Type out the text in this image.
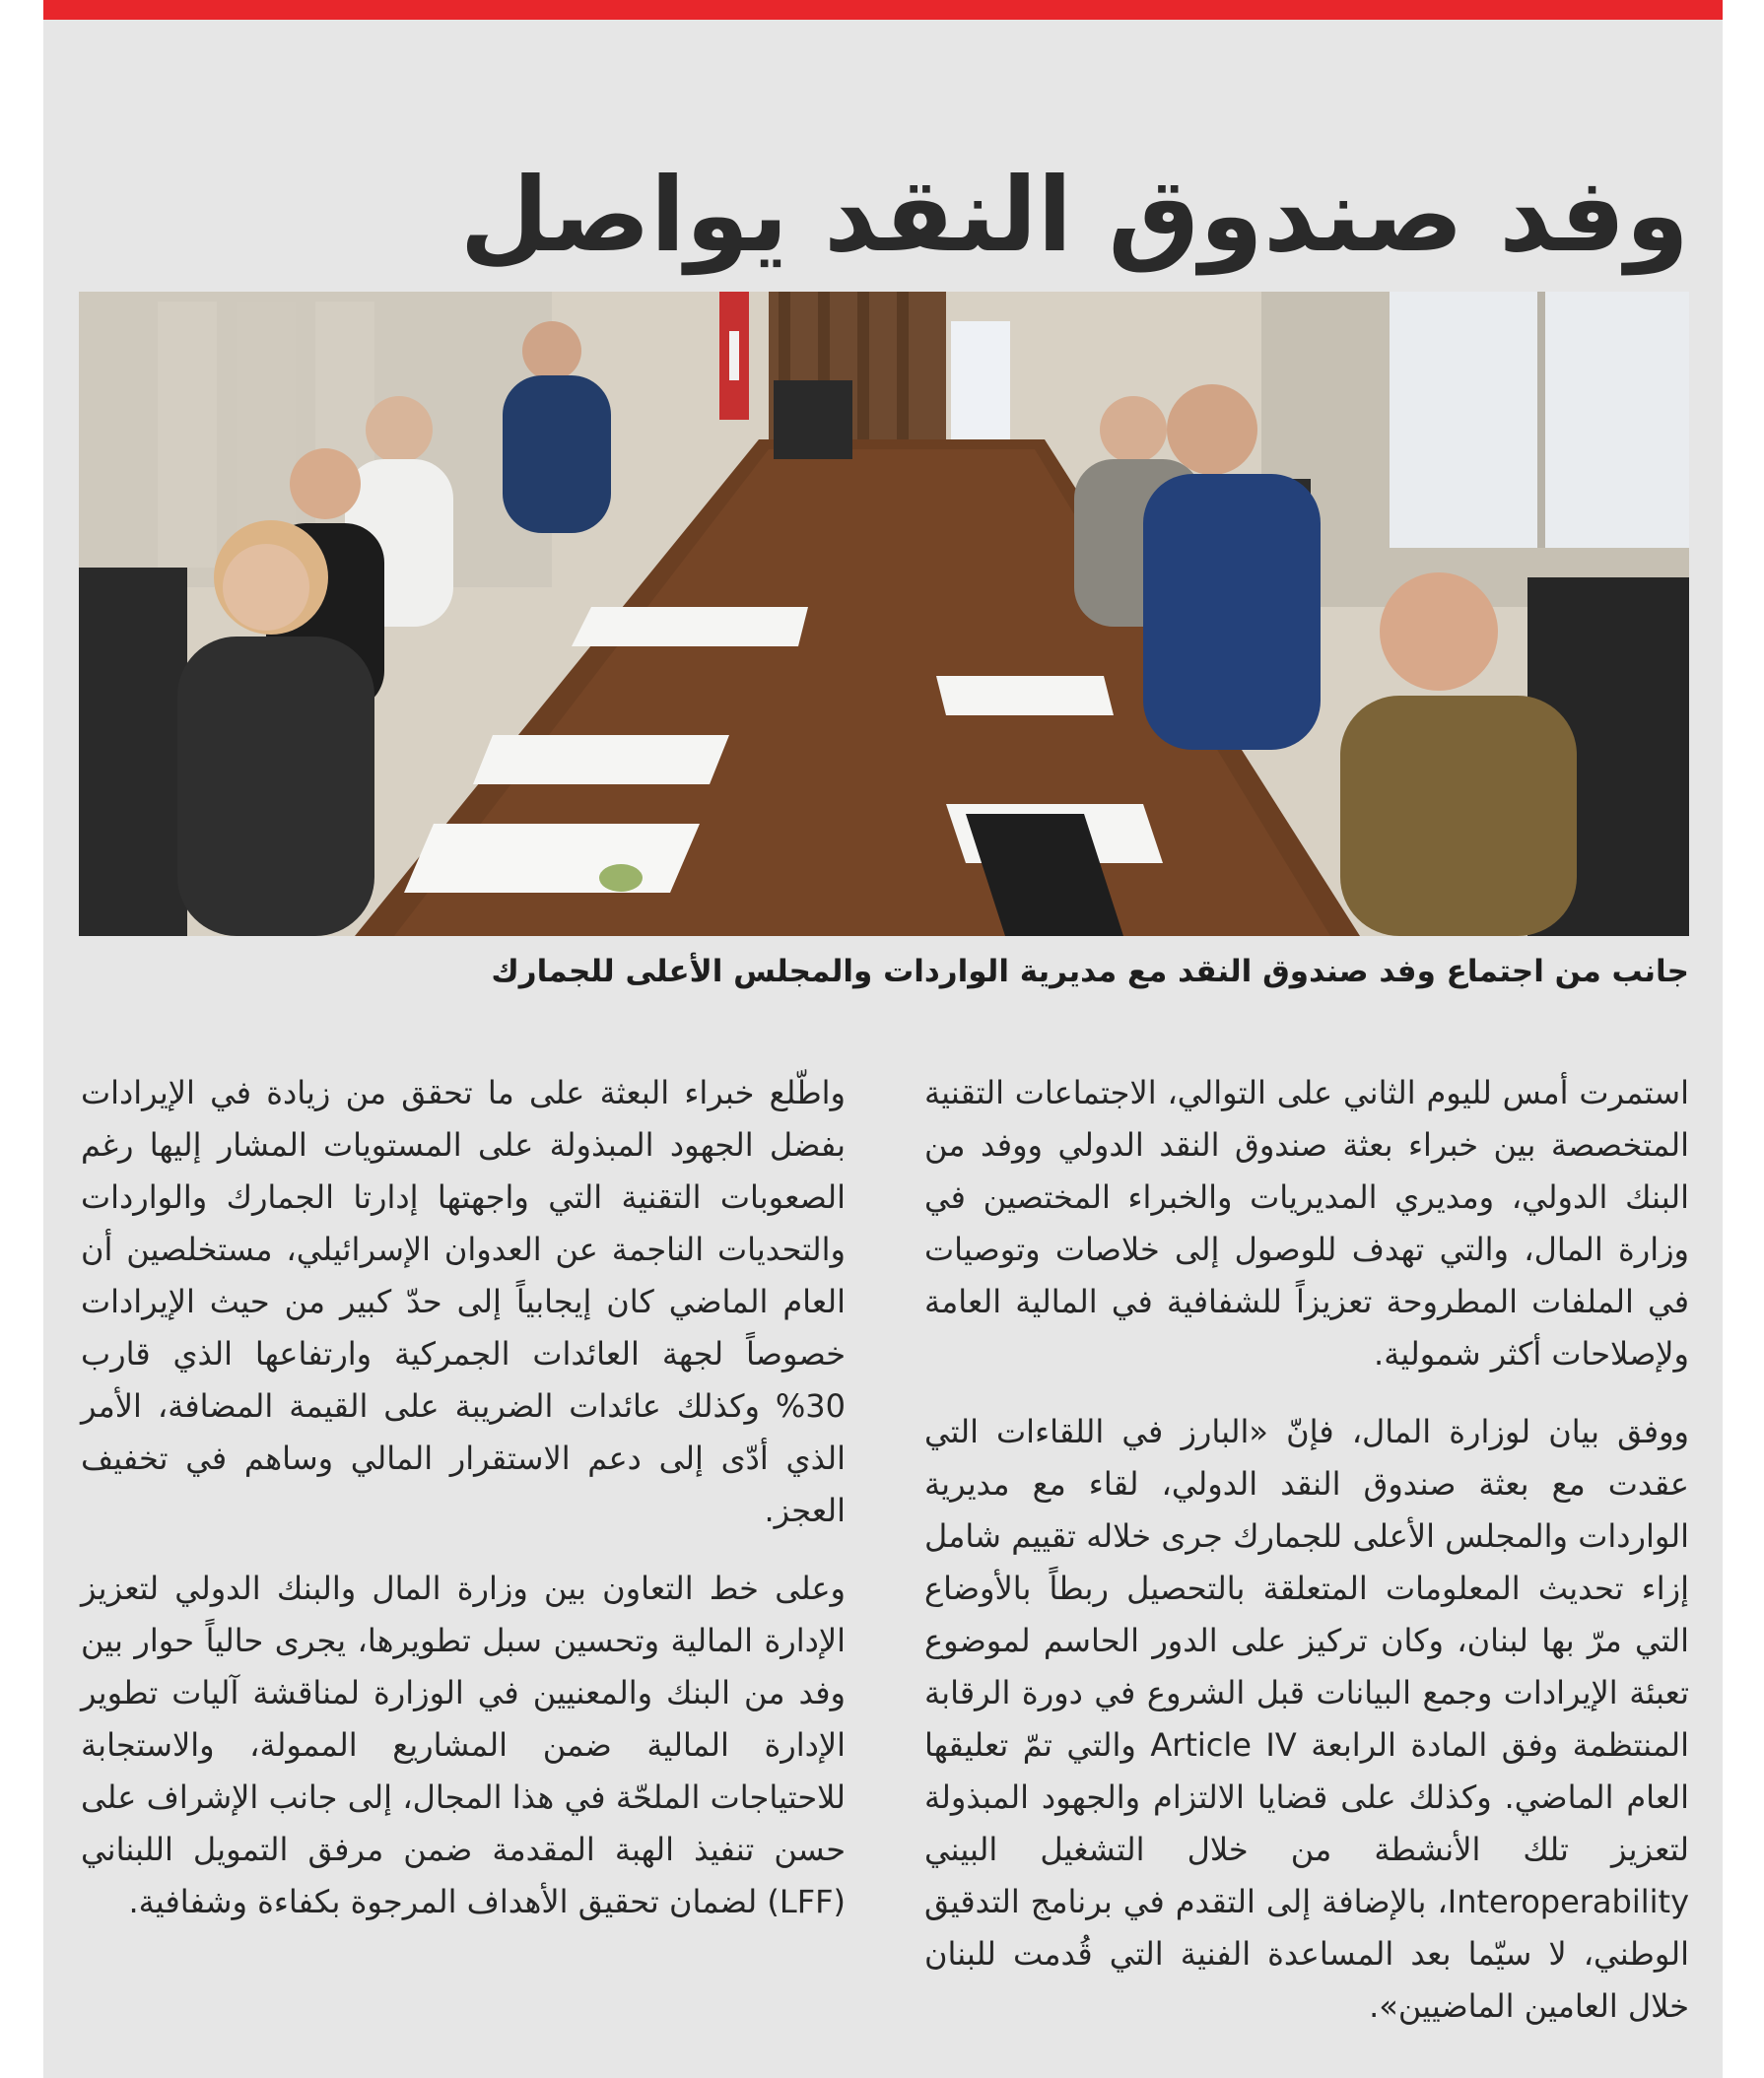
وفد صندوق النقد يواصل
جانب من اجتماع وفد صندوق النقد مع مديرية الواردات والمجلس الأعلى للجمارك

استمرت أمس لليوم الثاني على التوالي، الاجتماعات التقنية المتخصصة بين خبراء بعثة صندوق النقد الدولي ووفد من البنك الدولي، ومديري المديريات والخبراء المختصين في وزارة المال، والتي تهدف للوصول إلى خلاصات وتوصيات في الملفات المطروحة تعزيزاً للشفافية في المالية العامة ولإصلاحات أكثر شمولية.

ووفق بيان لوزارة المال، فإنّ «البارز في اللقاءات التي عقدت مع بعثة صندوق النقد الدولي، لقاء مع مديرية الواردات والمجلس الأعلى للجمارك جرى خلاله تقييم شامل إزاء تحديث المعلومات المتعلقة بالتحصيل ربطاً بالأوضاع التي مرّ بها لبنان، وكان تركيز على الدور الحاسم لموضوع تعبئة الإيرادات وجمع البيانات قبل الشروع في دورة الرقابة المنتظمة وفق المادة الرابعة Article IV والتي تمّ تعليقها العام الماضي. وكذلك على قضايا الالتزام والجهود المبذولة لتعزيز تلك الأنشطة من خلال التشغيل البيني Interoperability، بالإضافة إلى التقدم في برنامج التدقيق الوطني، لا سيّما بعد المساعدة الفنية التي قُدمت للبنان خلال العامين الماضيين».

واطّلع خبراء البعثة على ما تحقق من زيادة في الإيرادات بفضل الجهود المبذولة على المستويات المشار إليها رغم الصعوبات التقنية التي واجهتها إدارتا الجمارك والواردات والتحديات الناجمة عن العدوان الإسرائيلي، مستخلصين أن العام الماضي كان إيجابياً إلى حدّ كبير من حيث الإيرادات خصوصاً لجهة العائدات الجمركية وارتفاعها الذي قارب 30% وكذلك عائدات الضريبة على القيمة المضافة، الأمر الذي أدّى إلى دعم الاستقرار المالي وساهم في تخفيف العجز.

وعلى خط التعاون بين وزارة المال والبنك الدولي لتعزيز الإدارة المالية وتحسين سبل تطويرها، يجرى حالياً حوار بين وفد من البنك والمعنيين في الوزارة لمناقشة آليات تطوير الإدارة المالية ضمن المشاريع الممولة، والاستجابة للاحتياجات الملحّة في هذا المجال، إلى جانب الإشراف على حسن تنفيذ الهبة المقدمة ضمن مرفق التمويل اللبناني (LFF) لضمان تحقيق الأهداف المرجوة بكفاءة وشفافية.
